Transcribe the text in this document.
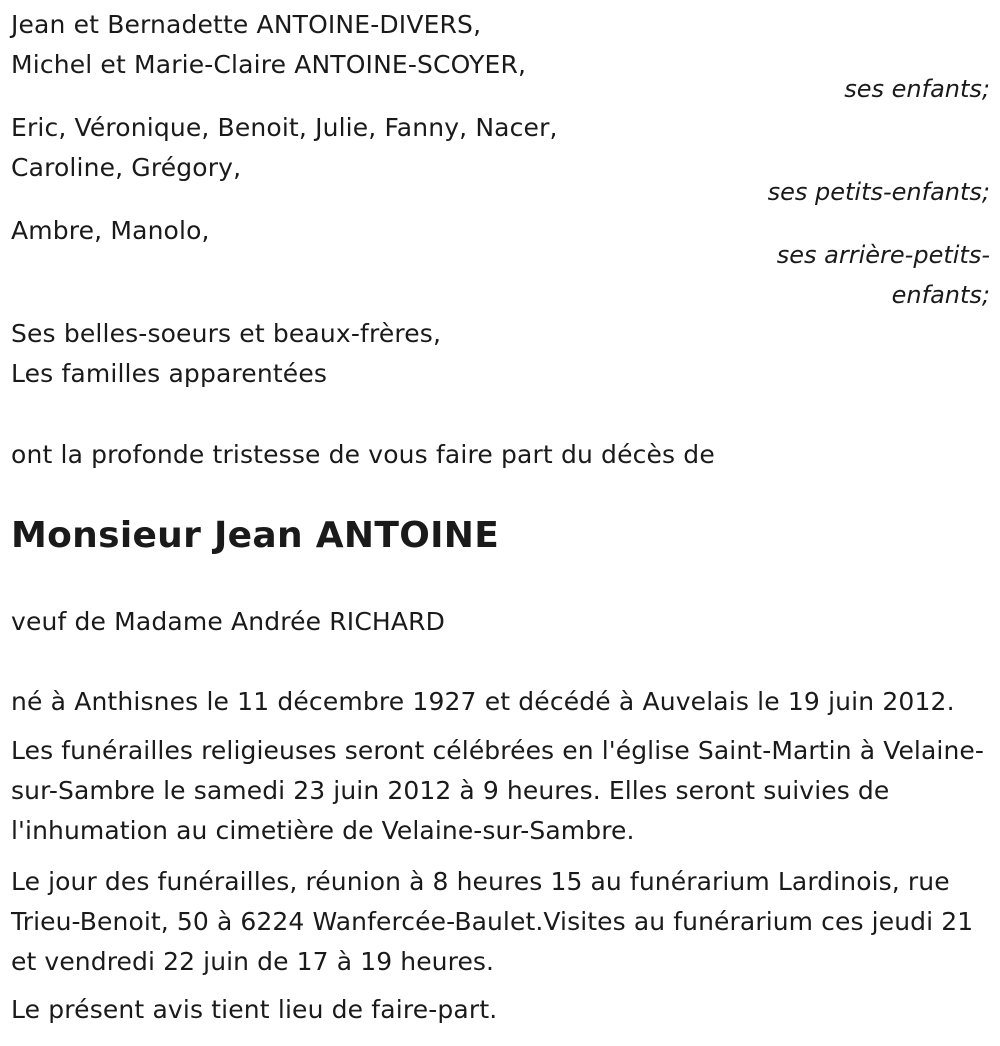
Jean et Bernadette ANTOINE-DIVERS,

Michel et Marie-Claire ANTOINE-SCOYER,

ses enfants;

Eric, Véronique, Benoit, Julie, Fanny, Nacer,

Caroline, Grégory,

ses petits-enfants;

Ambre, Manolo,

ses arrière-petits-

enfants;

Ses belles-soeurs et beaux-frères,

Les familles apparentées

ont la profonde tristesse de vous faire part du décès de

Monsieur Jean ANTOINE

veuf de Madame Andrée RICHARD

né à Anthisnes le 11 décembre 1927 et décédé à Auvelais le 19 juin 2012.

Les funérailles religieuses seront célébrées en l'église Saint-Martin à Velaine-sur-Sambre le samedi 23 juin 2012 à 9 heures. Elles seront suivies de l'inhumation au cimetière de Velaine-sur-Sambre.

Le jour des funérailles, réunion à 8 heures 15 au funérarium Lardinois, rue Trieu-Benoit, 50 à 6224 Wanfercée-Baulet.Visites au funérarium ces jeudi 21 et vendredi 22 juin de 17 à 19 heures.

Le présent avis tient lieu de faire-part.
